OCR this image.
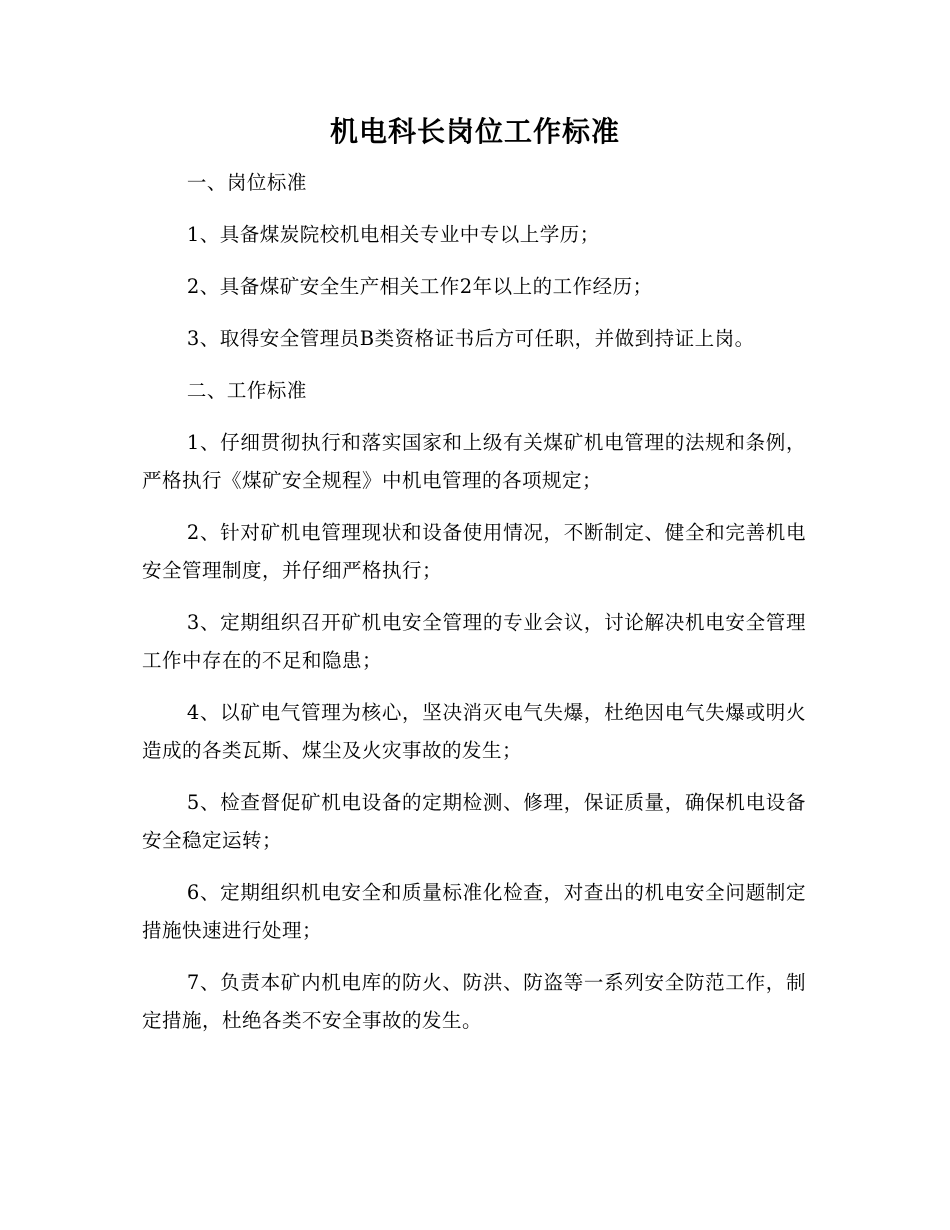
机电科长岗位工作标准
一、岗位标准
1、具备煤炭院校机电相关专业中专以上学历；
2、具备煤矿安全生产相关工作2年以上的工作经历；
3、取得安全管理员B类资格证书后方可任职，并做到持证上岗。
二、工作标准
1、仔细贯彻执行和落实国家和上级有关煤矿机电管理的法规和条例，严格执行《煤矿安全规程》中机电管理的各项规定；
2、针对矿机电管理现状和设备使用情况，不断制定、健全和完善机电安全管理制度，并仔细严格执行；
3、定期组织召开矿机电安全管理的专业会议，讨论解决机电安全管理工作中存在的不足和隐患；
4、以矿电气管理为核心，坚决消灭电气失爆，杜绝因电气失爆或明火造成的各类瓦斯、煤尘及火灾事故的发生；
5、检查督促矿机电设备的定期检测、修理，保证质量，确保机电设备安全稳定运转；
6、定期组织机电安全和质量标准化检查，对查出的机电安全问题制定措施快速进行处理；
7、负责本矿内机电库的防火、防洪、防盗等一系列安全防范工作，制定措施，杜绝各类不安全事故的发生。
